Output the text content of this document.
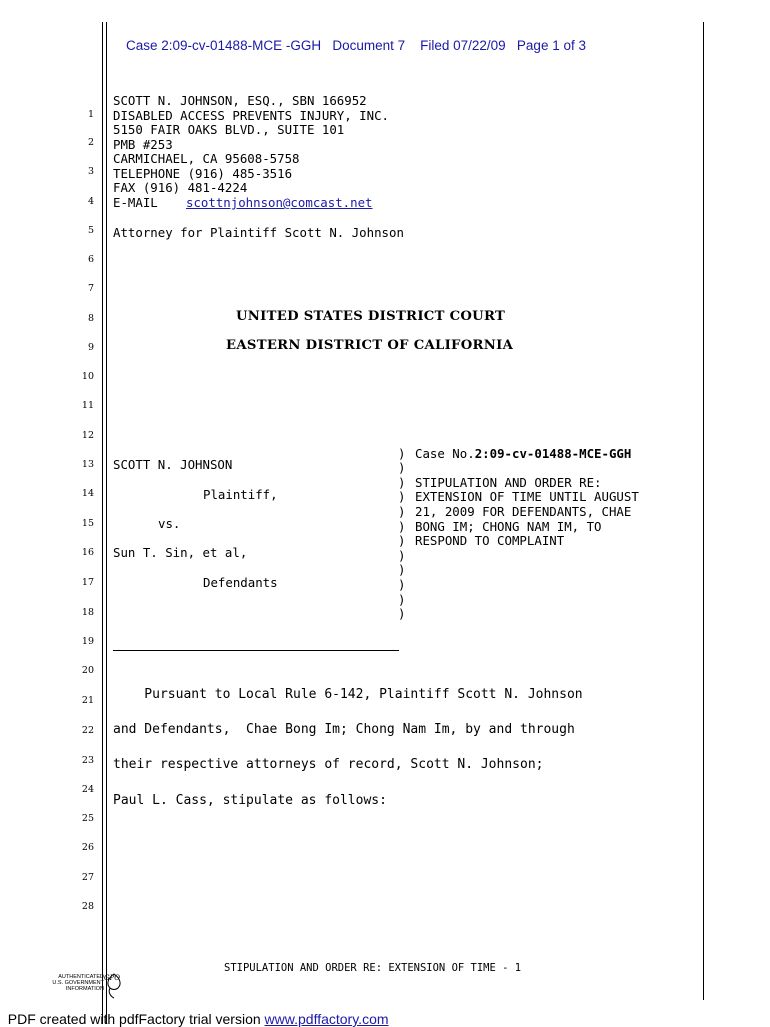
Case 2:09-cv-01488-MCE -GGH   Document 7    Filed 07/22/09   Page 1 of 3
1
2
3
4
5
6
7
8
9
10
11
12
13
14
15
16
17
18
19
20
21
22
23
24
25
26
27
28
SCOTT N. JOHNSON, ESQ., SBN 166952
DISABLED ACCESS PREVENTS INJURY, INC.
5150 FAIR OAKS BLVD., SUITE 101
PMB #253
CARMICHAEL, CA 95608-5758
TELEPHONE (916) 485-3516
FAX (916) 481-4224
E-MAIL scottnjohnson@comcast.net
Attorney for Plaintiff Scott N. Johnson
UNITED STATES DISTRICT COURT
EASTERN DISTRICT OF CALIFORNIA
SCOTT N. JOHNSON
Plaintiff,
vs.
Sun T. Sin, et al,
Defendants
)
)
)
)
)
)
)
)
)
)
)
)
Case No.2:09-cv-01488-MCE-GGH
STIPULATION AND ORDER RE:
EXTENSION OF TIME UNTIL AUGUST
21, 2009 FOR DEFENDANTS, CHAE
BONG IM; CHONG NAM IM, TO
RESPOND TO COMPLAINT
Pursuant to Local Rule 6-142, Plaintiff Scott N. Johnson
and Defendants,  Chae Bong Im; Chong Nam Im, by and through
their respective attorneys of record, Scott N. Johnson;
Paul L. Cass, stipulate as follows:
STIPULATION AND ORDER RE: EXTENSION OF TIME - 1
AUTHENTICATED
U.S. GOVERNMENT
INFORMATION
GPO

PDF created with pdfFactory trial version www.pdffactory.com
